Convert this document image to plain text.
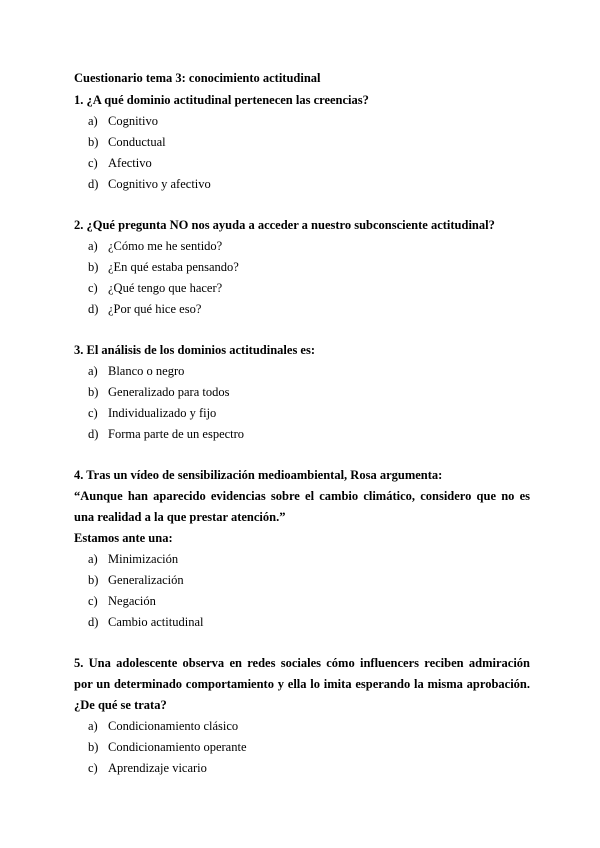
Cuestionario tema 3: conocimiento actitudinal
1. ¿A qué dominio actitudinal pertenecen las creencias?
a) Cognitivo
b) Conductual
c) Afectivo
d) Cognitivo y afectivo
2. ¿Qué pregunta NO nos ayuda a acceder a nuestro subconsciente actitudinal?
a) ¿Cómo me he sentido?
b) ¿En qué estaba pensando?
c) ¿Qué tengo que hacer?
d) ¿Por qué hice eso?
3. El análisis de los dominios actitudinales es:
a) Blanco o negro
b) Generalizado para todos
c) Individualizado y fijo
d) Forma parte de un espectro
4. Tras un vídeo de sensibilización medioambiental, Rosa argumenta:
“Aunque han aparecido evidencias sobre el cambio climático, considero que no es una realidad a la que prestar atención.”
Estamos ante una:
a) Minimización
b) Generalización
c) Negación
d) Cambio actitudinal
5. Una adolescente observa en redes sociales cómo influencers reciben admiración por un determinado comportamiento y ella lo imita esperando la misma aprobación. ¿De qué se trata?
a) Condicionamiento clásico
b) Condicionamiento operante
c) Aprendizaje vicario
